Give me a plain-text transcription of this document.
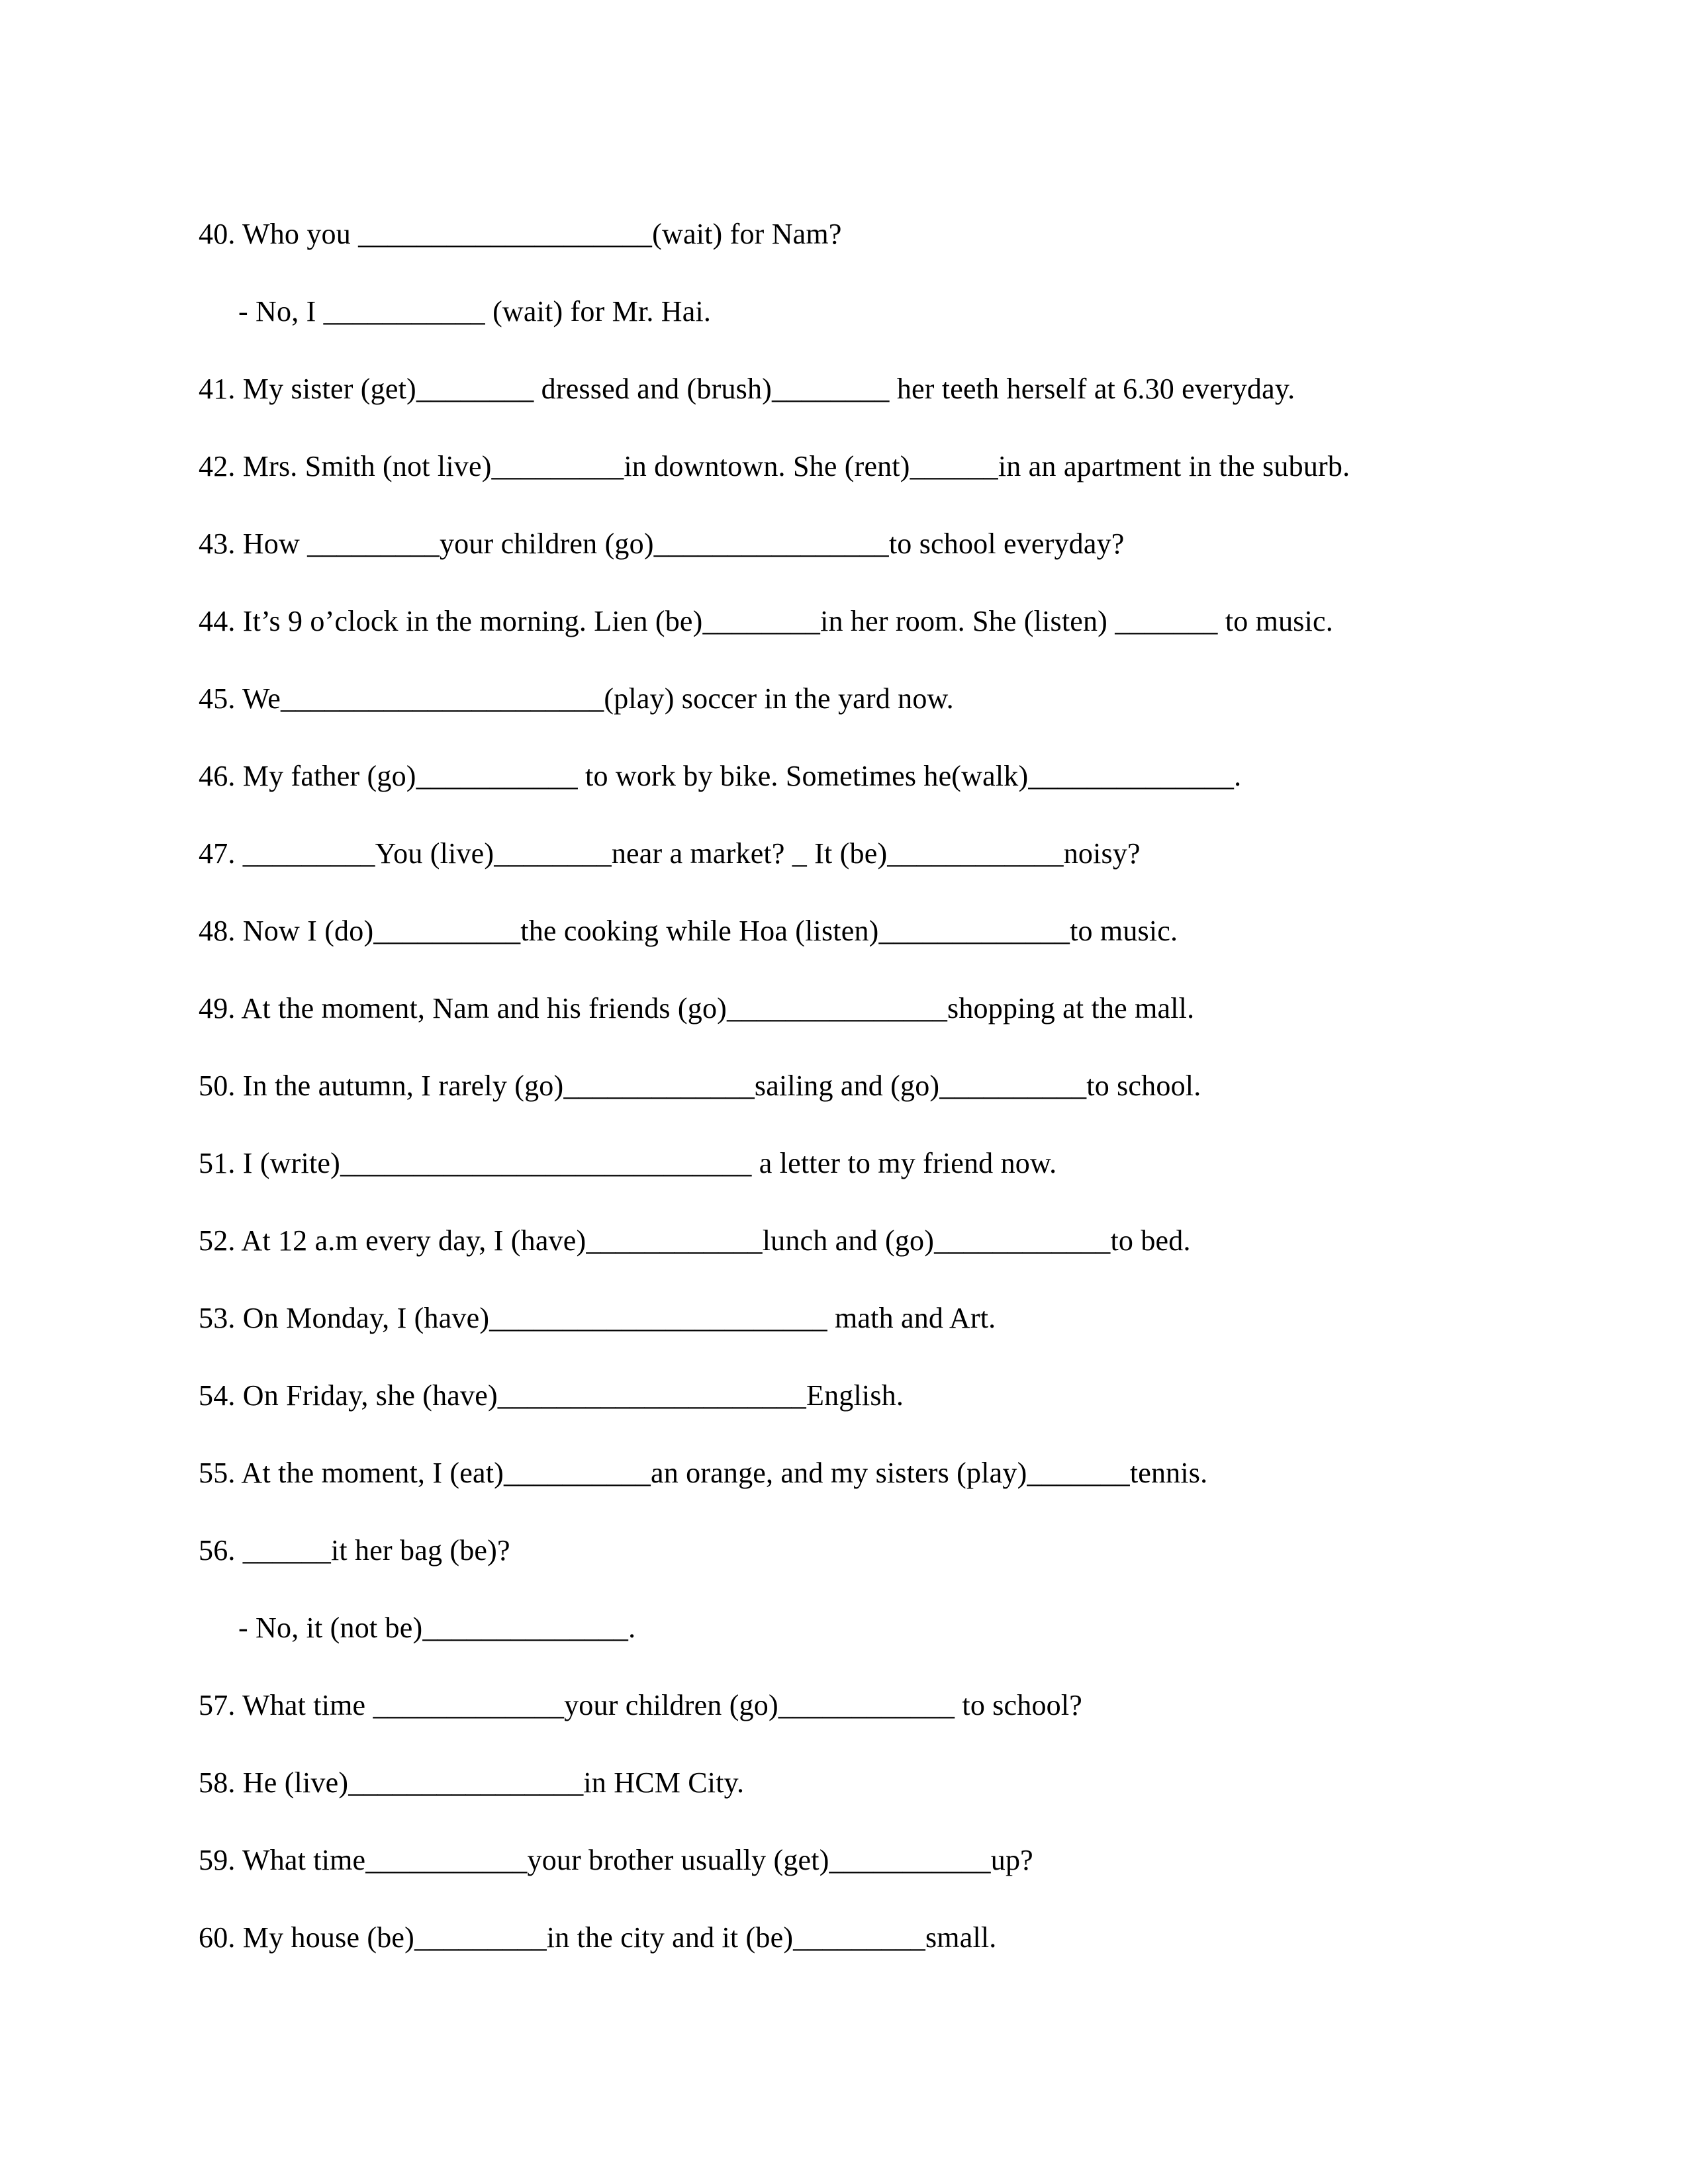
40. Who you ____________________(wait) for Nam?
- No, I ___________ (wait) for Mr. Hai.
41. My sister (get)________ dressed and (brush)________ her teeth herself at 6.30 everyday.
42. Mrs. Smith (not live)_________in downtown. She (rent)______in an apartment in the suburb.
43. How _________your children (go)________________to school everyday?
44. It’s 9 o’clock in the morning. Lien (be)________in her room. She (listen) _______ to music.
45. We______________________(play) soccer in the yard now.
46. My father (go)___________ to work by bike. Sometimes he(walk)______________.
47. _________You (live)________near a market? _ It (be)____________noisy?
48. Now I (do)__________the cooking while Hoa (listen)_____________to music.
49. At the moment, Nam and his friends (go)_______________shopping at the mall.
50. In the autumn, I rarely (go)_____________sailing and (go)__________to school.
51. I (write)____________________________ a letter to my friend now.
52. At 12 a.m every day, I (have)____________lunch and (go)____________to bed.
53. On Monday, I (have)_______________________ math and Art.
54. On Friday, she (have)_____________________English.
55. At the moment, I (eat)__________an orange, and my sisters (play)_______tennis.
56. ______it her bag (be)?
- No, it (not be)______________.
57. What time _____________your children (go)____________ to school?
58. He (live)________________in HCM City.
59. What time___________your brother usually (get)___________up?
60. My house (be)_________in the city and it (be)_________small.
